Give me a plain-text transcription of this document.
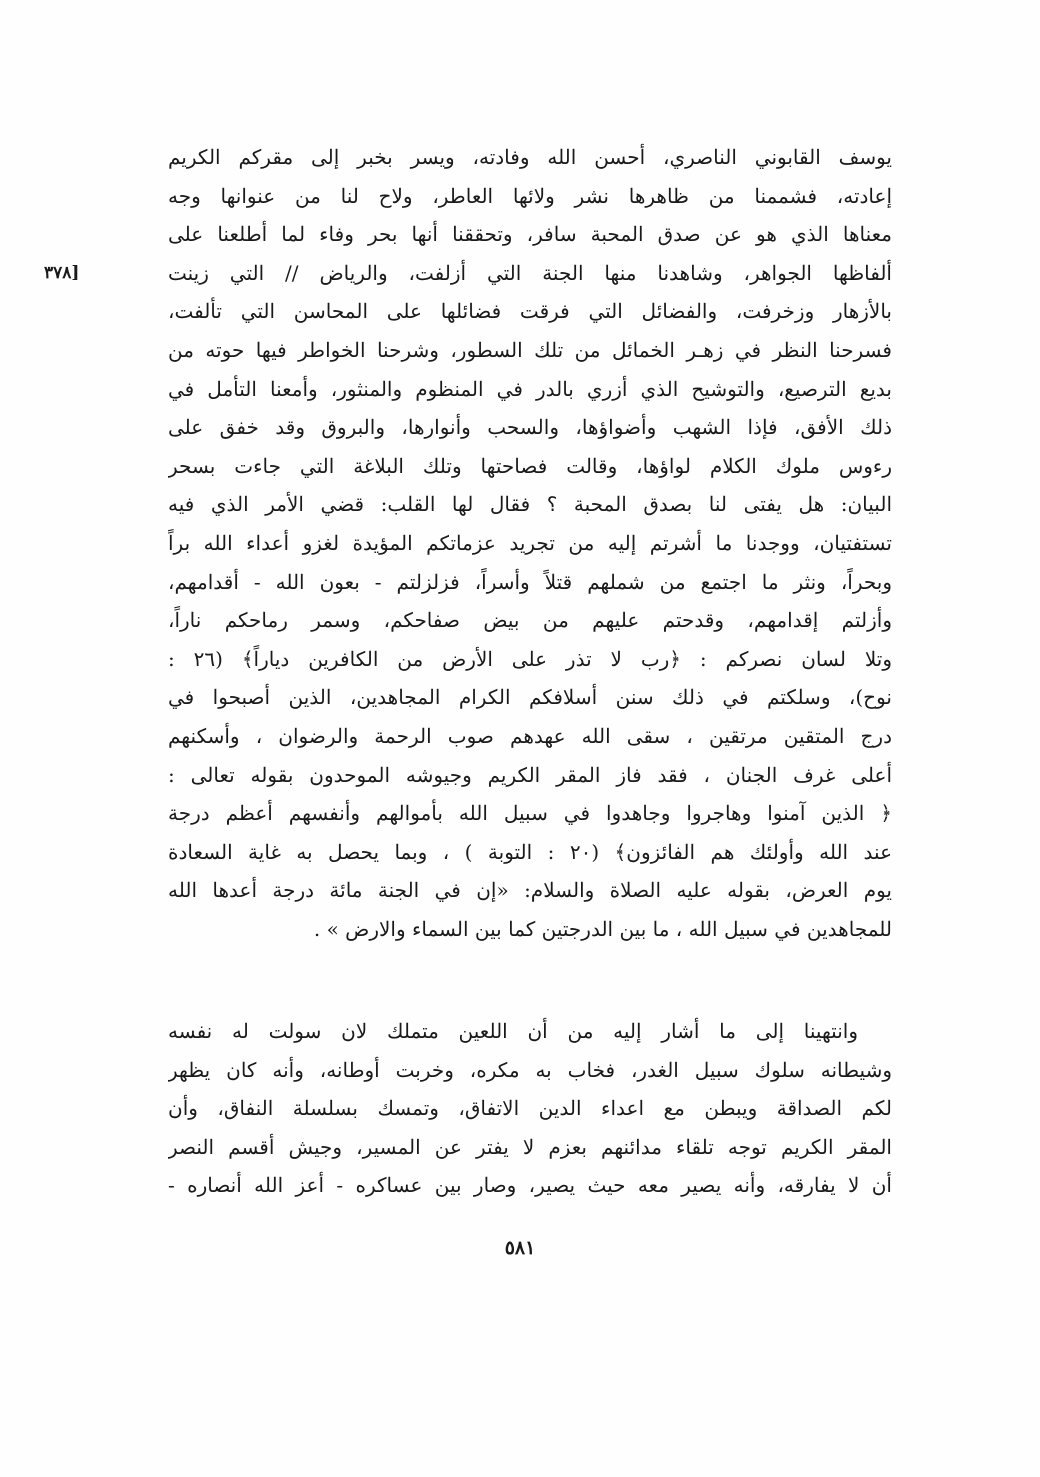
[٣٧٨
يوسف القابوني الناصري، أحسن الله وفادته، ويسر بخبر إلى مقركم الكريم
إعادته، فشممنا من ظاهرها نشر ولائها العاطر، ولاح لنا من عنوانها وجه
معناها الذي هو عن صدق المحبة سافر، وتحققنا أنها بحر وفاء لما أطلعنا على
ألفاظها الجواهر، وشاهدنا منها الجنة التي أزلفت، والرياض // التي زينت
بالأزهار وزخرفت، والفضائل التي فرقت فضائلها على المحاسن التي تألفت،
فسرحنا النظر في زهـر الخمائل من تلك السطور، وشرحنا الخواطر فيها حوته من
بديع الترصيع، والتوشيح الذي أزري بالدر في المنظوم والمنثور، وأمعنا التأمل في
ذلك الأفق، فإذا الشهب وأضواؤها، والسحب وأنوارها، والبروق وقد خفق على
رءوس ملوك الكلام لواؤها، وقالت فصاحتها وتلك البلاغة التي جاءت بسحر
البيان: هل يفتى لنا بصدق المحبة ؟ فقال لها القلب: قضي الأمر الذي فيه
تستفتيان، ووجدنا ما أشرتم إليه من تجريد عزماتكم المؤيدة لغزو أعداء الله براً
وبحراً، ونثر ما اجتمع من شملهم قتلاً وأسراً، فزلزلتم - بعون الله - أقدامهم،
وأزلتم إقدامهم، وقدحتم عليهم من بيض صفاحكم، وسمر رماحكم ناراً،
وتلا لسان نصركم : ﴿رب لا تذر على الأرض من الكافرين دياراً﴾ (٢٦ :
نوح)، وسلكتم في ذلك سنن أسلافكم الكرام المجاهدين، الذين أصبحوا في
درج المتقين مرتقين ، سقى الله عهدهم صوب الرحمة والرضوان ، وأسكنهم
أعلى غرف الجنان ، فقد فاز المقر الكريم وجيوشه الموحدون بقوله تعالى :
﴿ الذين آمنوا وهاجروا وجاهدوا في سبيل الله بأموالهم وأنفسهم أعظم درجة
عند الله وأولئك هم الفائزون﴾ (٢٠ : التوبة ) ، وبما يحصل به غاية السعادة
يوم العرض، بقوله عليه الصلاة والسلام: «إن في الجنة مائة درجة أعدها الله
للمجاهدين في سبيل الله ، ما بين الدرجتين كما بين السماء والارض » .
وانتهينا إلى ما أشار إليه من أن اللعين متملك لان سولت له نفسه
وشيطانه سلوك سبيل الغدر، فخاب به مكره، وخربت أوطانه، وأنه كان يظهر
لكم الصداقة ويبطن مع اعداء الدين الاتفاق، وتمسك بسلسلة النفاق، وأن
المقر الكريم توجه تلقاء مدائنهم بعزم لا يفتر عن المسير، وجيش أقسم النصر
أن لا يفارقه، وأنه يصير معه حيث يصير، وصار بين عساكره - أعز الله أنصاره -
٥٨١
